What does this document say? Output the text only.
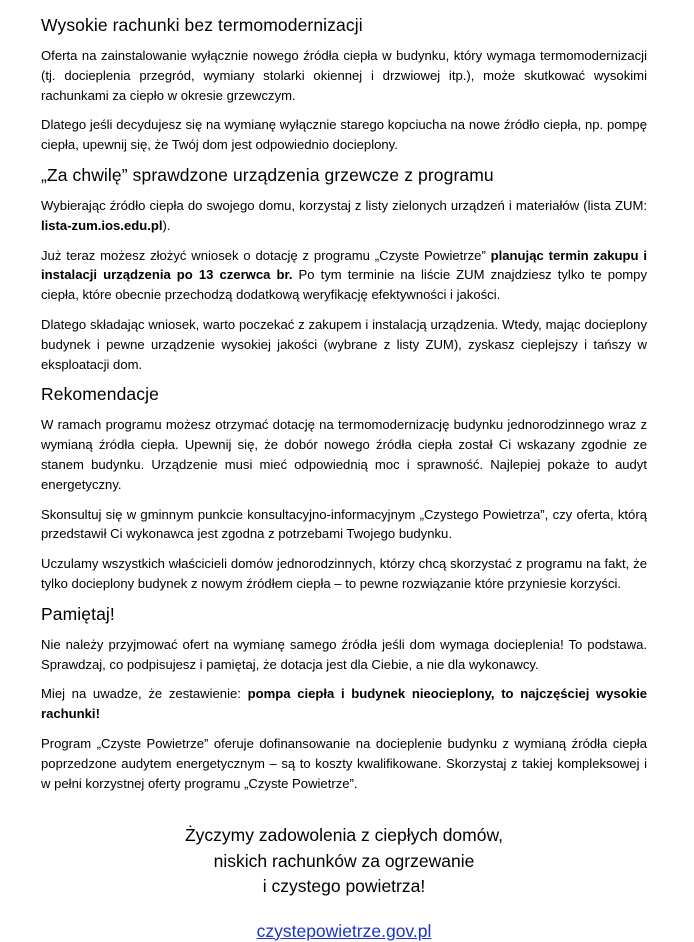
Wysokie rachunki bez termomodernizacji

Oferta na zainstalowanie wyłącznie nowego źródła ciepła w budynku, który wymaga termomodernizacji (tj. docieplenia przegród, wymiany stolarki okiennej i drzwiowej itp.), może skutkować wysokimi rachunkami za ciepło w okresie grzewczym.

Dlatego jeśli decydujesz się na wymianę wyłącznie starego kopciucha na nowe źródło ciepła, np. pompę ciepła, upewnij się, że Twój dom jest odpowiednio docieplony.

„Za chwilę” sprawdzone urządzenia grzewcze z programu

Wybierając źródło ciepła do swojego domu, korzystaj z listy zielonych urządzeń i materiałów (lista ZUM: lista-zum.ios.edu.pl).

Już teraz możesz złożyć wniosek o dotację z programu „Czyste Powietrze” planując termin zakupu i instalacji urządzenia po 13 czerwca br. Po tym terminie na liście ZUM znajdziesz tylko te pompy ciepła, które obecnie przechodzą dodatkową weryfikację efektywności i jakości.

Dlatego składając wniosek, warto poczekać z zakupem i instalacją urządzenia. Wtedy, mając docieplony budynek i pewne urządzenie wysokiej jakości (wybrane z listy ZUM), zyskasz cieplejszy i tańszy w eksploatacji dom.

Rekomendacje

W ramach programu możesz otrzymać dotację na termomodernizację budynku jednorodzinnego wraz z wymianą źródła ciepła. Upewnij się, że dobór nowego źródła ciepła został Ci wskazany zgodnie ze stanem budynku. Urządzenie musi mieć odpowiednią moc i sprawność. Najlepiej pokaże to audyt energetyczny.

Skonsultuj się w gminnym punkcie konsultacyjno-informacyjnym „Czystego Powietrza”, czy oferta, którą przedstawił Ci wykonawca jest zgodna z potrzebami Twojego budynku.

Uczulamy wszystkich właścicieli domów jednorodzinnych, którzy chcą skorzystać z programu na fakt, że tylko docieplony budynek z nowym źródłem ciepła – to pewne rozwiązanie które przyniesie korzyści.

Pamiętaj!

Nie należy przyjmować ofert na wymianę samego źródła jeśli dom wymaga docieplenia! To podstawa. Sprawdzaj, co podpisujesz i pamiętaj, że dotacja jest dla Ciebie, a nie dla wykonawcy.

Miej na uwadze, że zestawienie: pompa ciepła i budynek nieocieplony, to najczęściej wysokie rachunki!

Program „Czyste Powietrze” oferuje dofinansowanie na docieplenie budynku z wymianą źródła ciepła poprzedzone audytem energetycznym – są to koszty kwalifikowane. Skorzystaj z takiej kompleksowej i w pełni korzystnej oferty programu „Czyste Powietrze”.

Życzymy zadowolenia z ciepłych domów,
niskich rachunków za ogrzewanie
i czystego powietrza!
czystepowietrze.gov.pl
